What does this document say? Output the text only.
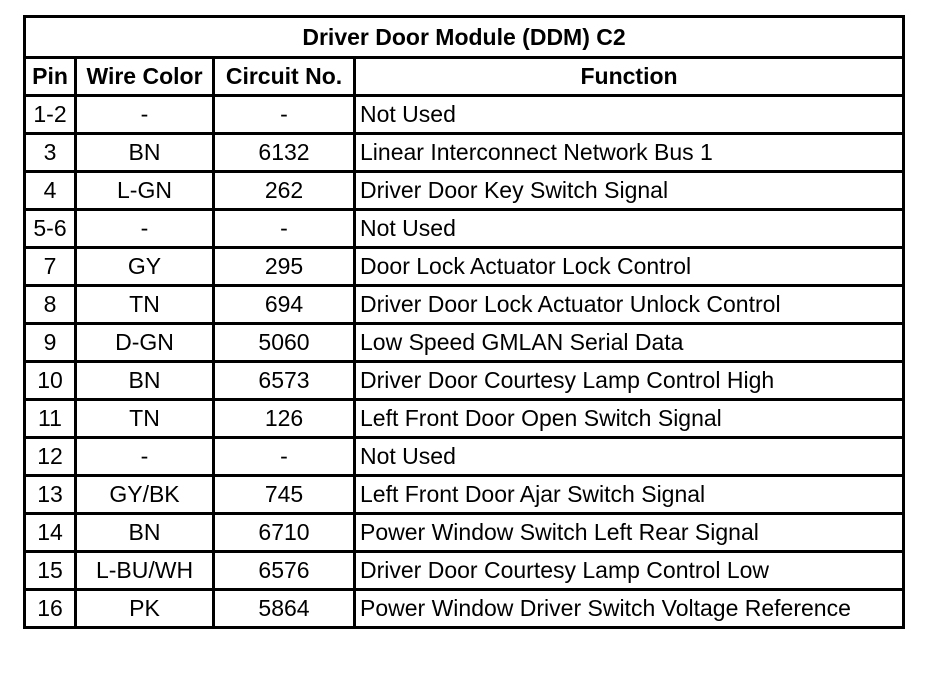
Driver Door Module (DDM) C2			
Pin	Wire Color	Circuit No.	Function
1-2	-	-	Not Used
3	BN	6132	Linear Interconnect Network Bus 1
4	L-GN	262	Driver Door Key Switch Signal
5-6	-	-	Not Used
7	GY	295	Door Lock Actuator Lock Control
8	TN	694	Driver Door Lock Actuator Unlock Control
9	D-GN	5060	Low Speed GMLAN Serial Data
10	BN	6573	Driver Door Courtesy Lamp Control High
11	TN	126	Left Front Door Open Switch Signal
12	-	-	Not Used
13	GY/BK	745	Left Front Door Ajar Switch Signal
14	BN	6710	Power Window Switch Left Rear Signal
15	L-BU/WH	6576	Driver Door Courtesy Lamp Control Low
16	PK	5864	Power Window Driver Switch Voltage Reference
